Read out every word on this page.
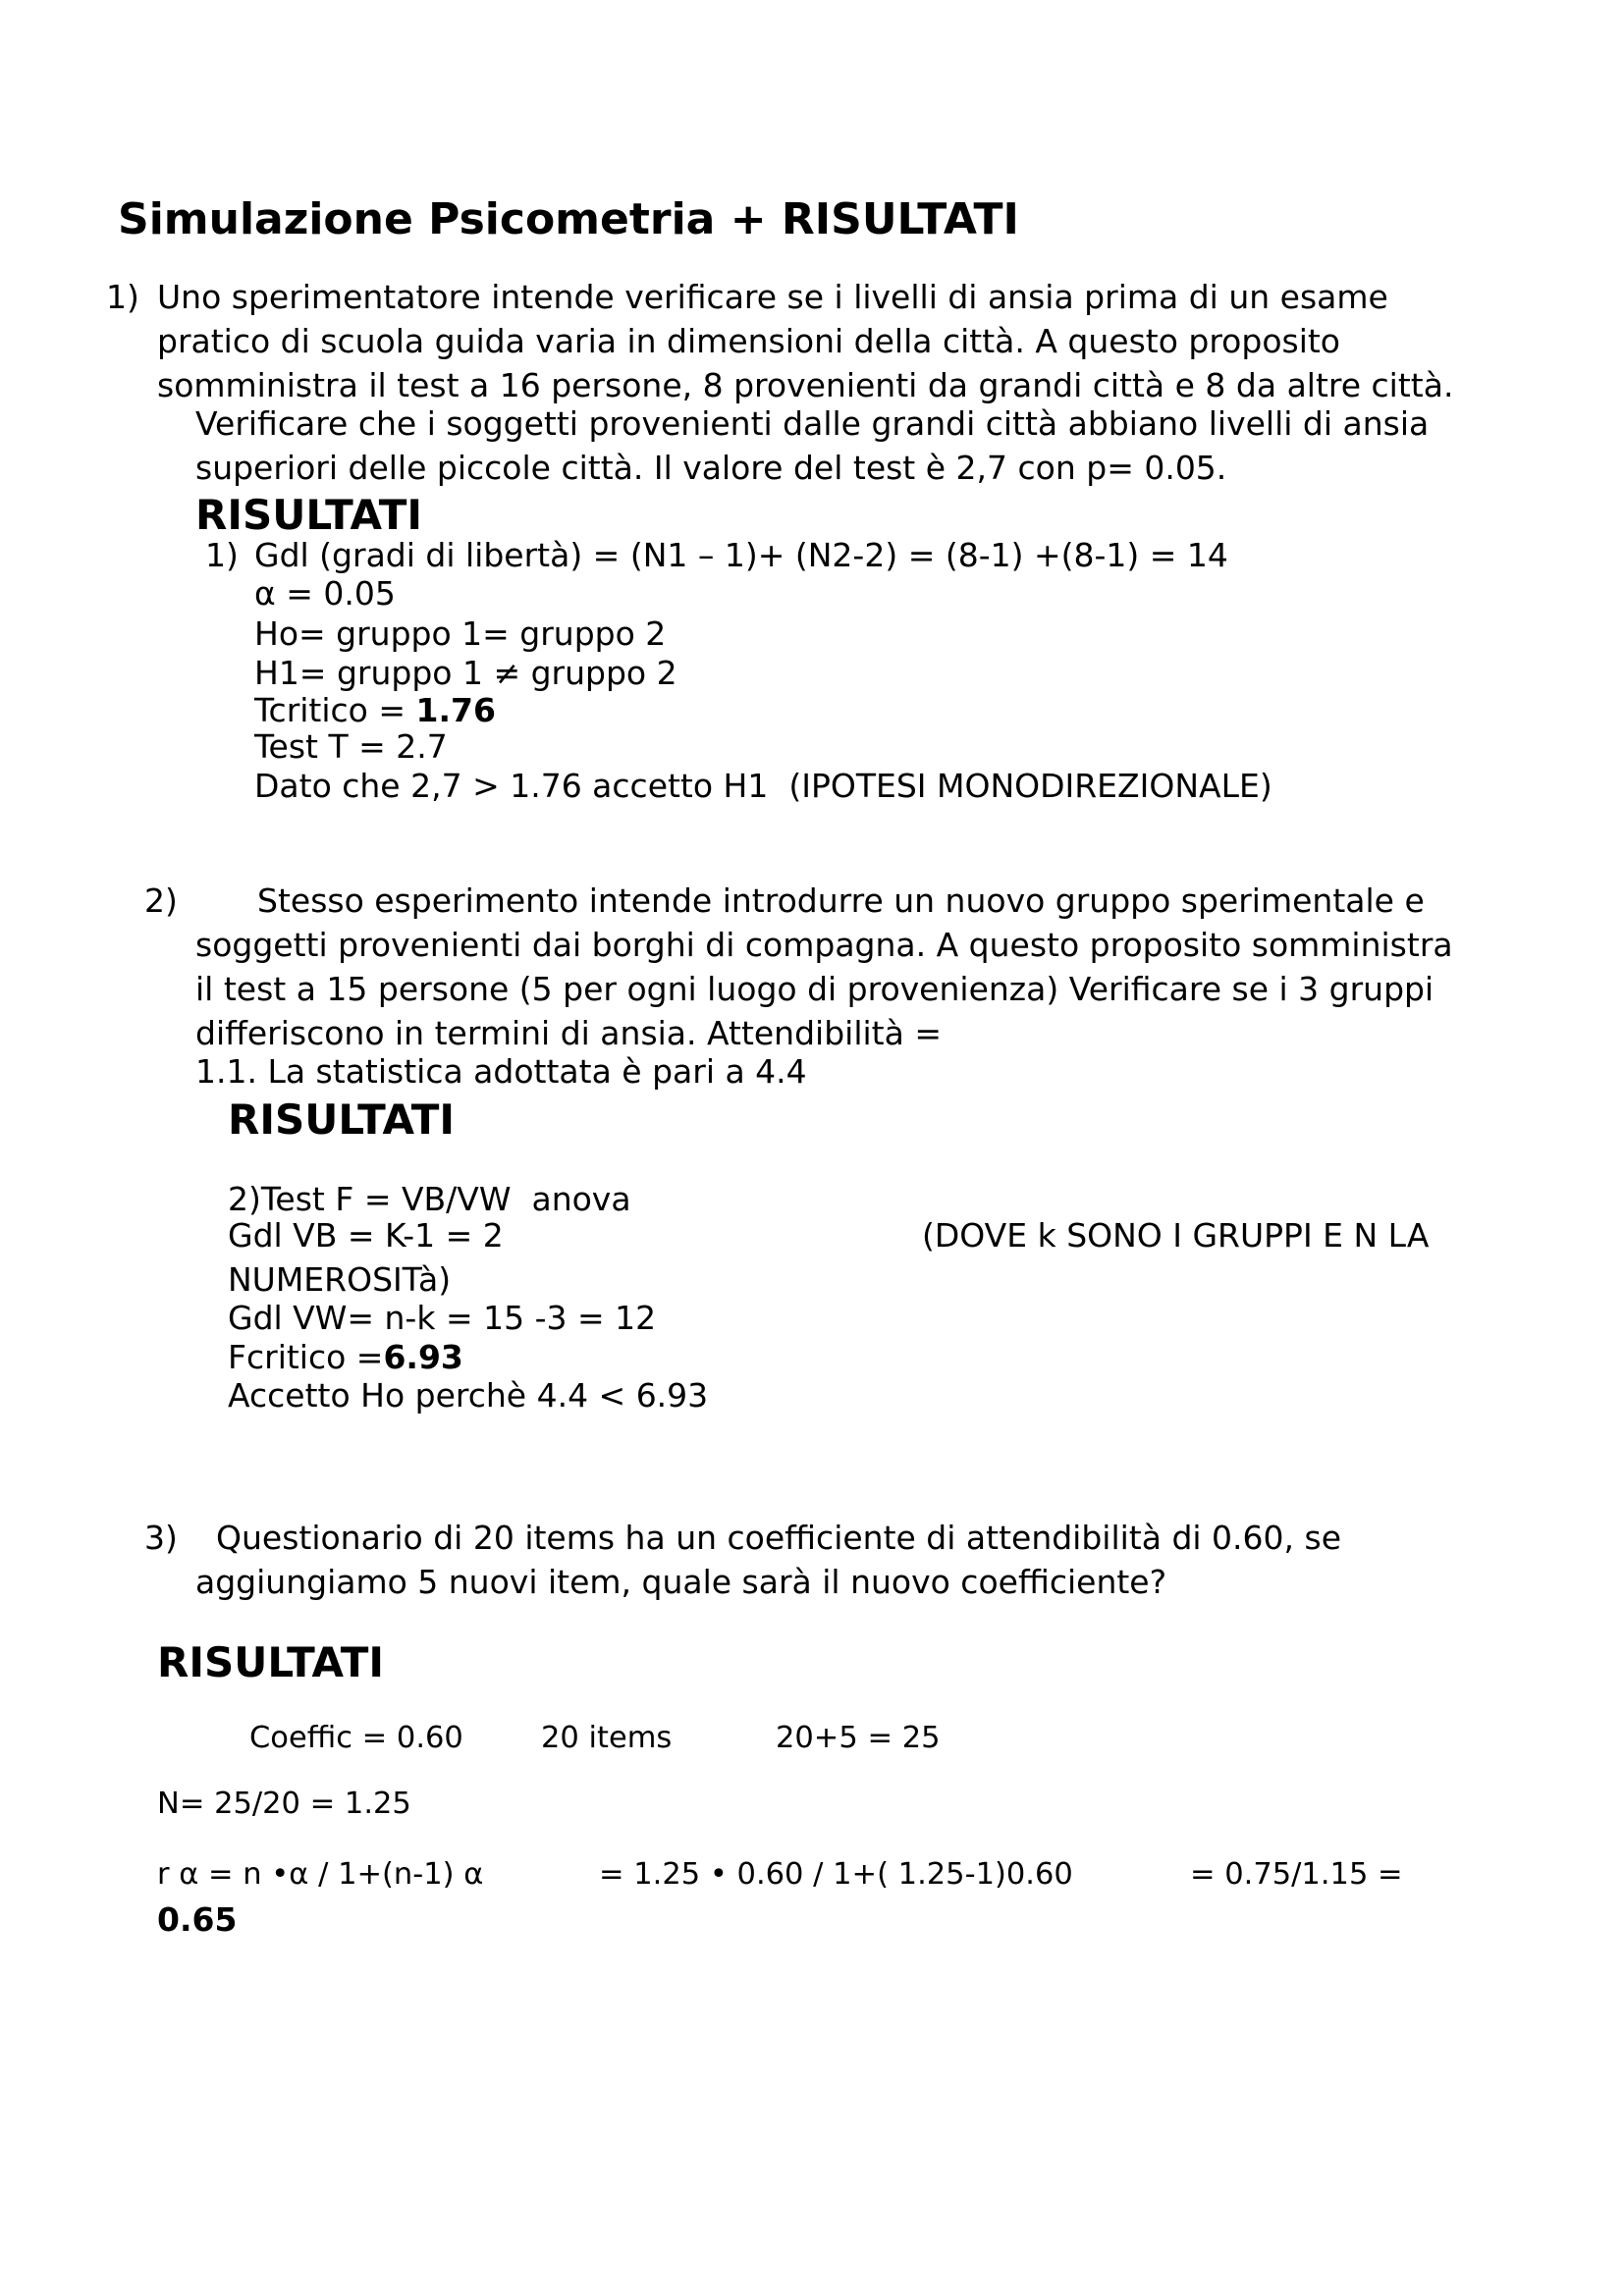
Simulazione Psicometria + RISULTATI
1) Uno sperimentatore intende verificare se i livelli di ansia prima di un esame
pratico di scuola guida varia in dimensioni della città. A questo proposito
somministra il test a 16 persone, 8 provenienti da grandi città e 8 da altre città.
Verificare che i soggetti provenienti dalle grandi città abbiano livelli di ansia
superiori delle piccole città. Il valore del test è 2,7 con p= 0.05.
RISULTATI
1) Gdl (gradi di libertà) = (N1 – 1)+ (N2-2) = (8-1) +(8-1) = 14
α = 0.05
Ho= gruppo 1= gruppo 2
H1= gruppo 1 ≠ gruppo 2
Tcritico = 1.76
Test T = 2.7
Dato che 2,7 > 1.76 accetto H1  (IPOTESI MONODIREZIONALE)
2) Stesso esperimento intende introdurre un nuovo gruppo sperimentale e
soggetti provenienti dai borghi di compagna. A questo proposito somministra
il test a 15 persone (5 per ogni luogo di provenienza) Verificare se i 3 gruppi
differiscono in termini di ansia. Attendibilità =
1.1. La statistica adottata è pari a 4.4
RISULTATI
2)Test F = VB/VW  anova
Gdl VB = K-1 = 2	(DOVE k SONO I GRUPPI E N LA
NUMEROSITà)
Gdl VW= n-k = 15 -3 = 12
Fcritico =6.93
Accetto Ho perchè 4.4 < 6.93
3) Questionario di 20 items ha un coefficiente di attendibilità di 0.60, se
aggiungiamo 5 nuovi item, quale sarà il nuovo coefficiente?
RISULTATI
Coeffic = 0.60	20 items	20+5 = 25
N= 25/20 = 1.25
r α = n •α / 1+(n-1) α	= 1.25 • 0.60 / 1+( 1.25-1)0.60	= 0.75/1.15 =
0.65
